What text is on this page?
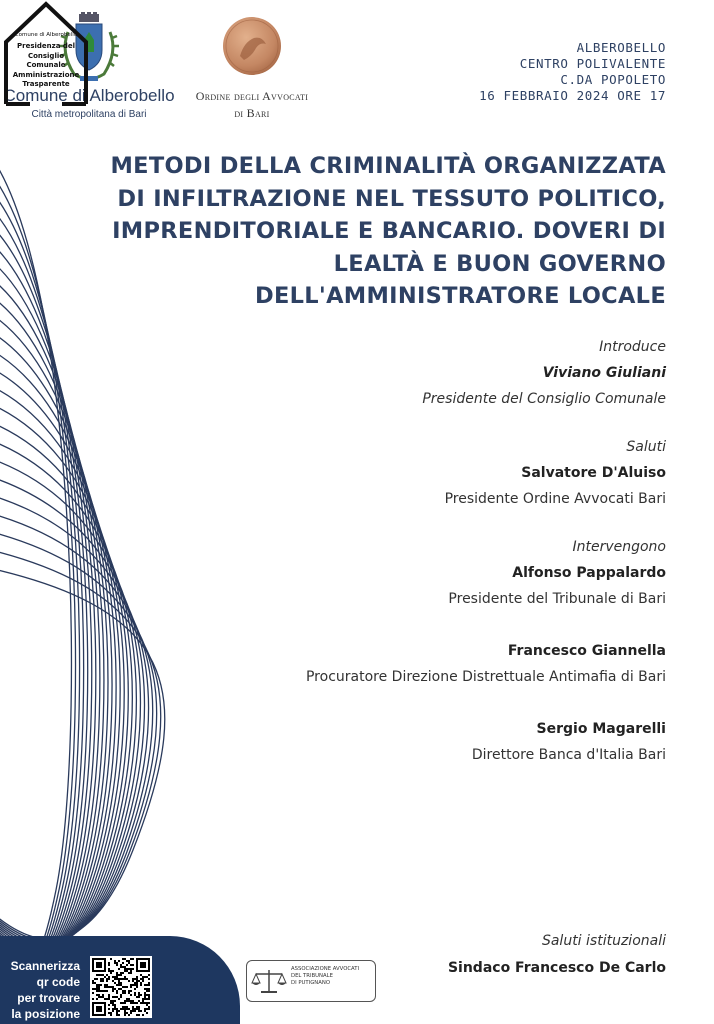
Comune di Alberobello
Città metropolitana di Bari
Ordine degli Avvocati
di Bari
Comune di Alberobello
Presidenza del
Consiglio
Comunale
Amministrazione
Trasparente
ALBEROBELLO
CENTRO POLIVALENTE
C.DA POPOLETO
16 FEBBRAIO 2024 ORE 17
METODI DELLA CRIMINALITÀ ORGANIZZATA
DI INFILTRAZIONE NEL TESSUTO POLITICO,
IMPRENDITORIALE E BANCARIO. DOVERI DI
LEALTÀ E BUON GOVERNO
DELL'AMMINISTRATORE LOCALE
Introduce
Viviano Giuliani
Presidente del Consiglio Comunale
Saluti
Salvatore D'Aluiso
Presidente Ordine Avvocati Bari
Intervengono
Alfonso Pappalardo
Presidente del Tribunale di Bari
Francesco Giannella
Procuratore Direzione Distrettuale Antimafia di Bari
Sergio Magarelli
Direttore Banca d'Italia Bari
Saluti istituzionali
Sindaco Francesco De Carlo
Scannerizza
qr code
per trovare
la posizione
ASSOCIAZIONE AVVOCATI
DEL TRIBUNALE
DI PUTIGNANO
